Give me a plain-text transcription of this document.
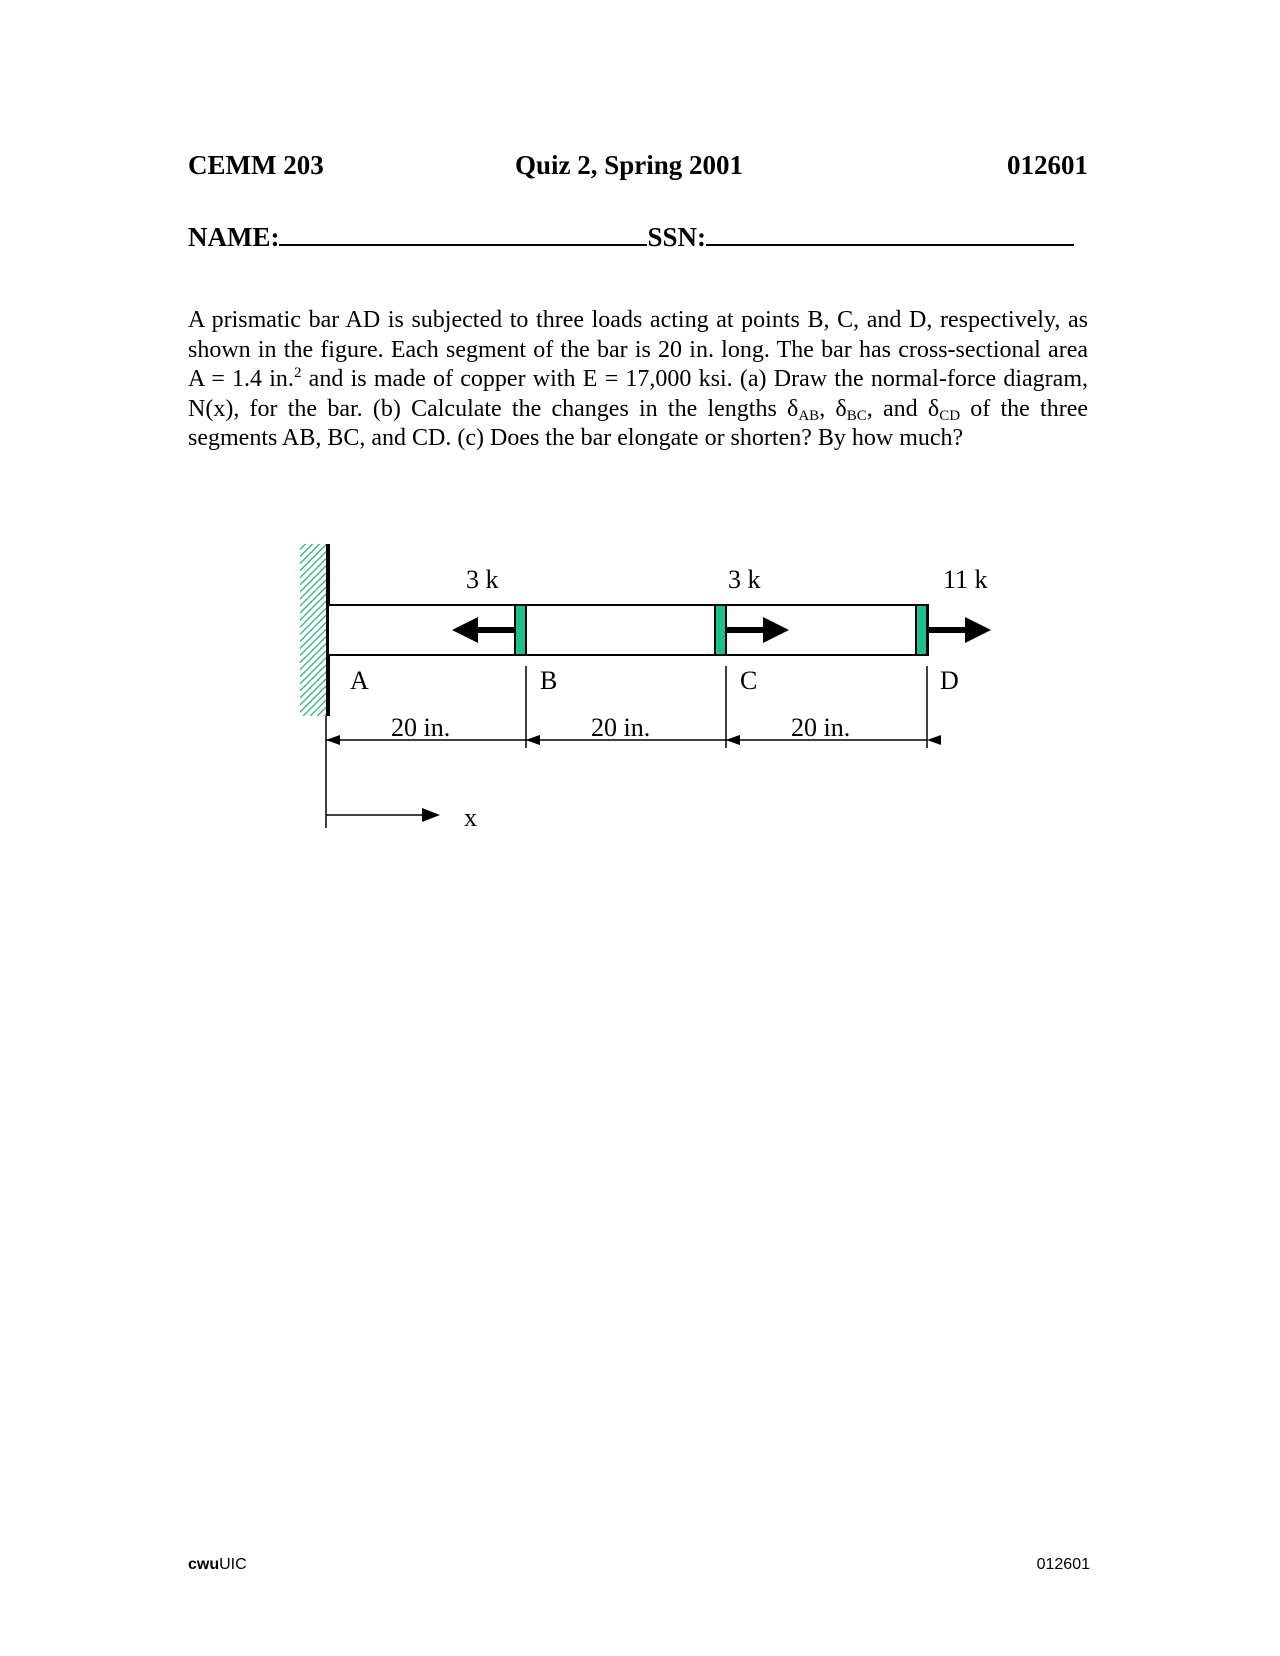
CEMM 203	Quiz 2, Spring 2001	012601
NAME:	SSN:
A prismatic bar AD is subjected to three loads acting at points B, C, and D, respectively, as shown in the figure. Each segment of the bar is 20 in. long. The bar has cross-sectional area A = 1.4 in.$^2$ and is made of copper with E = 17,000 ksi. (a) Draw the normal-force diagram, N(x), for the bar. (b) Calculate the changes in the lengths $\delta_{AB}$, $\delta_{BC}$, and $\delta_{CD}$ of the three segments AB, BC, and CD. (c) Does the bar elongate or shorten? By how much?
3 k	3 k	11 k
A	B	C	D
20 in.	20 in.	20 in.
x
cwuUIC	012601
